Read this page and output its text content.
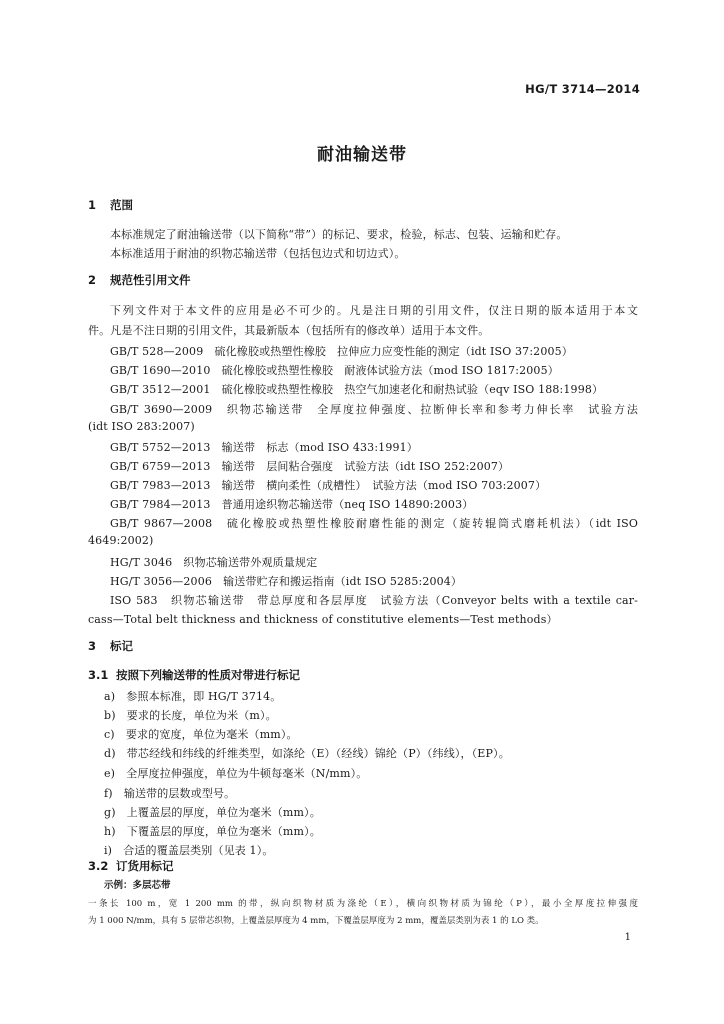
HG/T 3714—2014
耐油输送带
1 范围
本标准规定了耐油输送带（以下简称“带”）的标记、要求，检验，标志、包装、运输和贮存。
本标准适用于耐油的织物芯输送带（包括包边式和切边式）。
2 规范性引用文件
下列文件对于本文件的应用是必不可少的。凡是注日期的引用文件，仅注日期的版本适用于本文
件。凡是不注日期的引用文件，其最新版本（包括所有的修改单）适用于本文件。
GB/T 528—2009　硫化橡胶或热塑性橡胶　拉伸应力应变性能的测定（idt ISO 37:2005）
GB/T 1690—2010　硫化橡胶或热塑性橡胶　耐液体试验方法（mod ISO 1817:2005）
GB/T 3512—2001　硫化橡胶或热塑性橡胶　热空气加速老化和耐热试验（eqv ISO 188:1998）
GB/T 3690—2009　织物芯输送带　全厚度拉伸强度、拉断伸长率和参考力伸长率　试验方法
(idt ISO 283:2007)
GB/T 5752—2013　输送带　标志（mod ISO 433:1991）
GB/T 6759—2013　输送带　层间粘合强度　试验方法（idt ISO 252:2007）
GB/T 7983—2013　输送带　横向柔性（成槽性）　试验方法（mod ISO 703:2007）
GB/T 7984—2013　普通用途织物芯输送带（neq ISO 14890:2003）
GB/T 9867—2008　硫化橡胶或热塑性橡胶耐磨性能的测定（旋转辊筒式磨耗机法）（idt ISO
4649:2002)
HG/T 3046　织物芯输送带外观质量规定
HG/T 3056—2006　输送带贮存和搬运指南（idt ISO 5285:2004）
ISO 583　织物芯输送带　带总厚度和各层厚度　试验方法（Conveyor belts with a textile car-
cass—Total belt thickness and thickness of constitutive elements—Test methods）
3 标记
3.1 按照下列输送带的性质对带进行标记
a)　参照本标准，即 HG/T 3714。
b)　要求的长度，单位为米（m）。
c)　要求的宽度，单位为毫米（mm）。
d)　带芯经线和纬线的纤维类型，如涤纶（E）（经线）锦纶（P）（纬线），（EP）。
e)　全厚度拉伸强度，单位为牛顿每毫米（N/mm）。
f)　输送带的层数或型号。
g)　上覆盖层的厚度，单位为毫米（mm）。
h)　下覆盖层的厚度，单位为毫米（mm）。
i)　合适的覆盖层类别（见表 1）。
3.2 订货用标记
示例：多层芯带
一条长 100 m，宽 1 200 mm 的带，纵向织物材质为涤纶（E），横向织物材质为锦纶（P），最小全厚度拉伸强度
为 1 000 N/mm，具有 5 层带芯织物，上覆盖层厚度为 4 mm，下覆盖层厚度为 2 mm，覆盖层类别为表 1 的 LO 类。
1
